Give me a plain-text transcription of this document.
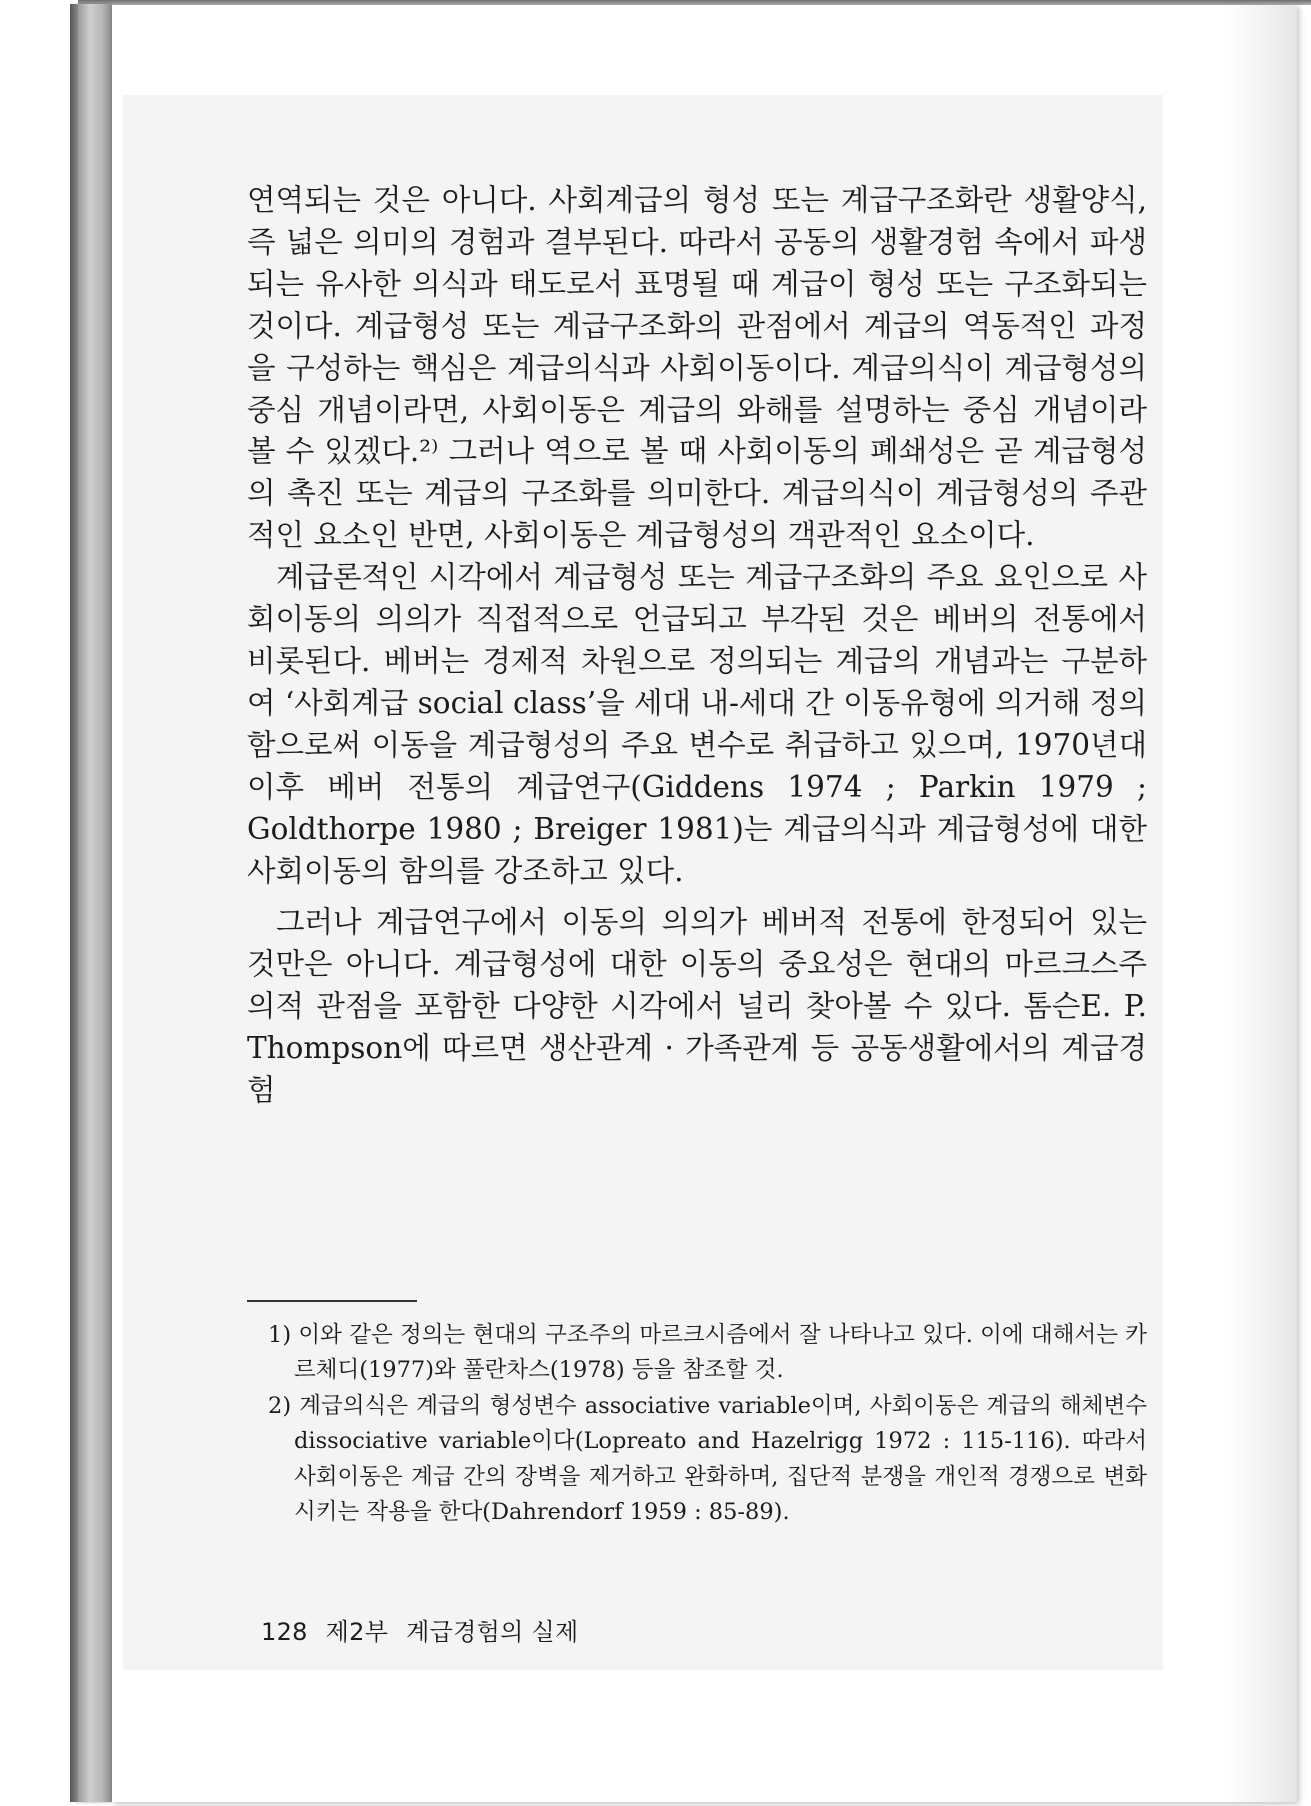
연역되는 것은 아니다. 사회계급의 형성 또는 계급구조화란 생활양식, 즉 넓은 의미의 경험과 결부된다. 따라서 공동의 생활경험 속에서 파생되는 유사한 의식과 태도로서 표명될 때 계급이 형성 또는 구조화되는 것이다. 계급형성 또는 계급구조화의 관점에서 계급의 역동적인 과정을 구성하는 핵심은 계급의식과 사회이동이다. 계급의식이 계급형성의 중심 개념이라면, 사회이동은 계급의 와해를 설명하는 중심 개념이라 볼 수 있겠다.²⁾ 그러나 역으로 볼 때 사회이동의 폐쇄성은 곧 계급형성의 촉진 또는 계급의 구조화를 의미한다. 계급의식이 계급형성의 주관적인 요소인 반면, 사회이동은 계급형성의 객관적인 요소이다.

계급론적인 시각에서 계급형성 또는 계급구조화의 주요 요인으로 사회이동의 의의가 직접적으로 언급되고 부각된 것은 베버의 전통에서 비롯된다. 베버는 경제적 차원으로 정의되는 계급의 개념과는 구분하여 ‘사회계급 social class’을 세대 내-세대 간 이동유형에 의거해 정의함으로써 이동을 계급형성의 주요 변수로 취급하고 있으며, 1970년대 이후 베버 전통의 계급연구(Giddens 1974 ; Parkin 1979 ; Goldthorpe 1980 ; Breiger 1981)는 계급의식과 계급형성에 대한 사회이동의 함의를 강조하고 있다.

그러나 계급연구에서 이동의 의의가 베버적 전통에 한정되어 있는 것만은 아니다. 계급형성에 대한 이동의 중요성은 현대의 마르크스주의적 관점을 포함한 다양한 시각에서 널리 찾아볼 수 있다. 톰슨E. P. Thompson에 따르면 생산관계 · 가족관계 등 공동생활에서의 계급경험

1) 이와 같은 정의는 현대의 구조주의 마르크시즘에서 잘 나타나고 있다. 이에 대해서는 카르체디(1977)와 풀란차스(1978) 등을 참조할 것.

2) 계급의식은 계급의 형성변수 associative variable이며, 사회이동은 계급의 해체변수 dissociative variable이다(Lopreato and Hazelrigg 1972 : 115-116). 따라서 사회이동은 계급 간의 장벽을 제거하고 완화하며, 집단적 분쟁을 개인적 경쟁으로 변화시키는 작용을 한다(Dahrendorf 1959 : 85-89).

128 제2부 계급경험의 실제
